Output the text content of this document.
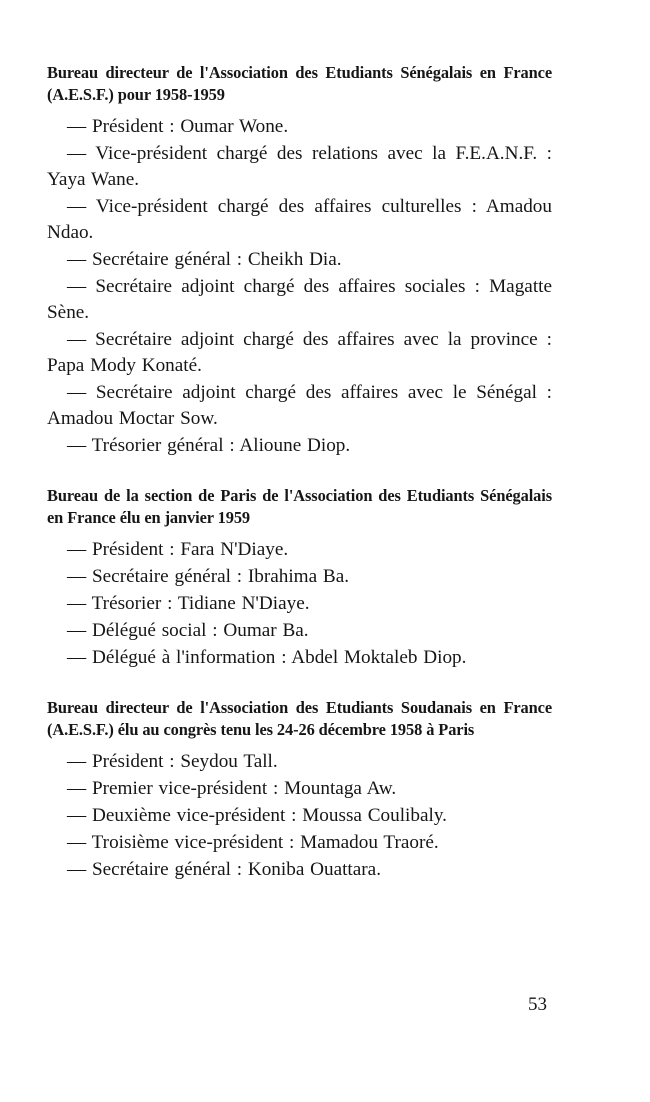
Bureau directeur de l'Association des Etudiants Sénégalais en France (A.E.S.F.) pour 1958-1959

— Président : Oumar Wone.
— Vice-président chargé des relations avec la F.E.A.N.F. : Yaya Wane.
— Vice-président chargé des affaires culturelles : Amadou Ndao.
— Secrétaire général : Cheikh Dia.
— Secrétaire adjoint chargé des affaires sociales : Magatte Sène.
— Secrétaire adjoint chargé des affaires avec la province : Papa Mody Konaté.
— Secrétaire adjoint chargé des affaires avec le Sénégal : Amadou Moctar Sow.
— Trésorier général : Alioune Diop.

Bureau de la section de Paris de l'Association des Etudiants Sénégalais en France élu en janvier 1959

— Président : Fara N'Diaye.
— Secrétaire général : Ibrahima Ba.
— Trésorier : Tidiane N'Diaye.
— Délégué social : Oumar Ba.
— Délégué à l'information : Abdel Moktaleb Diop.

Bureau directeur de l'Association des Etudiants Soudanais en France (A.E.S.F.) élu au congrès tenu les 24-26 décembre 1958 à Paris

— Président : Seydou Tall.
— Premier vice-président : Mountaga Aw.
— Deuxième vice-président : Moussa Coulibaly.
— Troisième vice-président : Mamadou Traoré.
— Secrétaire général : Koniba Ouattara.
53
